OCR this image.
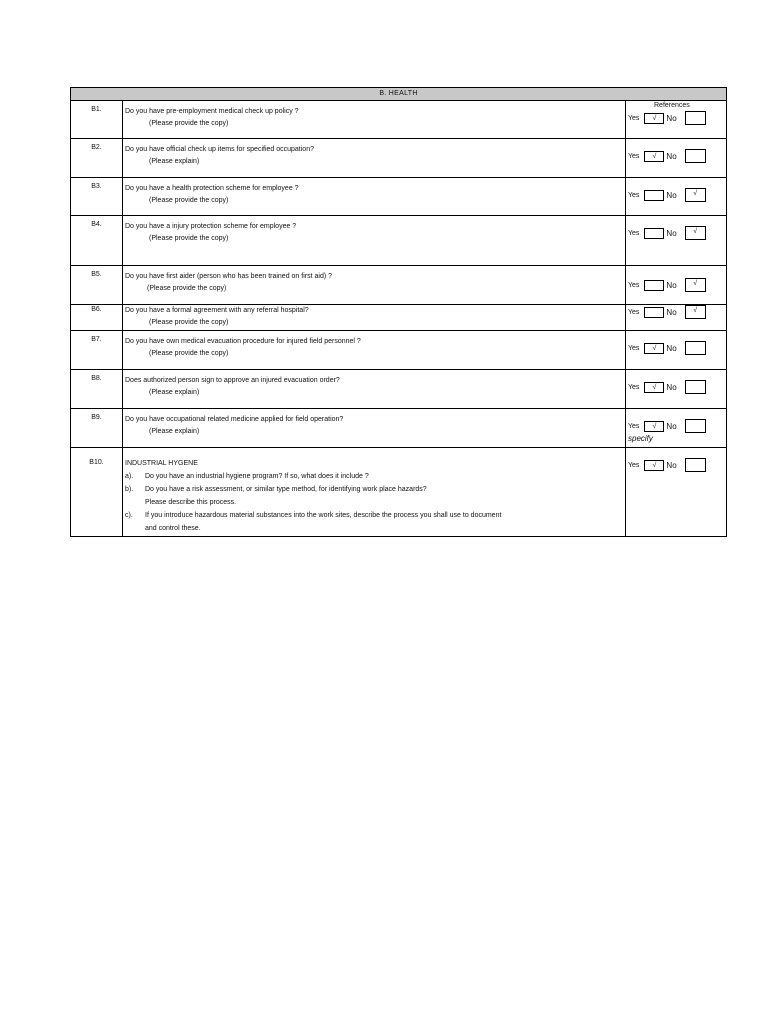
B. HEALTH
B1.	Do you have pre-employment medical check up policy ?
(Please provide the copy)
References
Yes	√	No
B2.	Do you have official check up items for specified occupation?
(Please explain)
Yes	√	No
B3.	Do you have a health protection scheme for employee ?
(Please provide the copy)
Yes	No	√
B4.	Do you have a injury protection scheme for employee ?
(Please provide the copy)
Yes	No	√
B5.	Do you have first aider (person who has been trained on first aid) ?
(Please provide the copy)	Yes	No	√
B6.	Do you have a formal agreement with any referral hospital?
(Please provide the copy)
Yes	No	√
B7.	Do you have own medical evacuation procedure for injured field personnel ?
(Please provide the copy)
Yes	√	No
B8.	Does authorized person sign to approve an injured evacuation order?
(Please explain)
Yes	√	No
B9.	Do you have occupational related medicine applied for field operation?
(Please explain)
Yes	√	No
specify
B10.	INDUSTRIAL HYGENE
a).	Do you have an industrial hygiene program? If so, what does it include ?
b).	Do you have a risk assessment, or similar type method, for identifying work place hazards?
Please describe this process.
c).	If you introduce hazardous material substances into the work sites, describe the process you shall use to document
and control these.
Yes	√	No
